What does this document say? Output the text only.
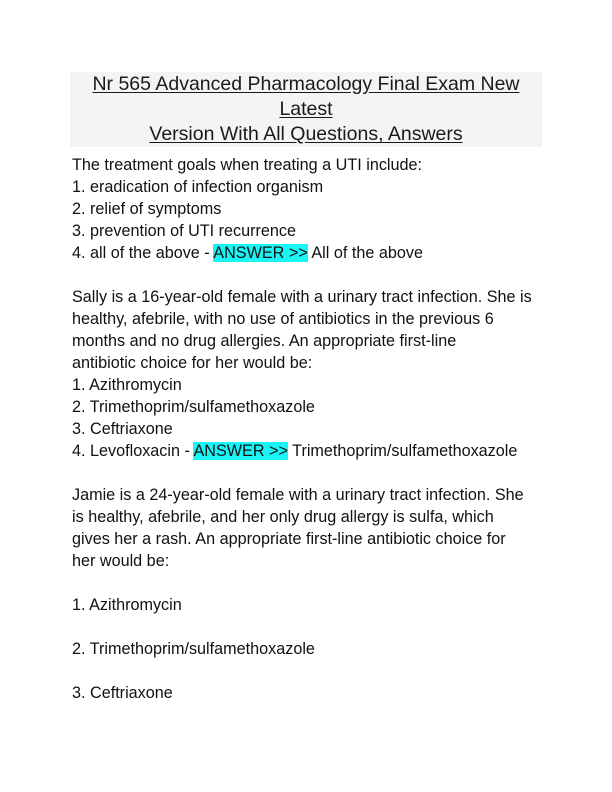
Nr 565 Advanced Pharmacology Final Exam New Latest
Version With All Questions, Answers
The treatment goals when treating a UTI include:
1. eradication of infection organism
2. relief of symptoms
3. prevention of UTI recurrence
4. all of the above - ANSWER >> All of the above
Sally is a 16-year-old female with a urinary tract infection. She is
healthy, afebrile, with no use of antibiotics in the previous 6
months and no drug allergies. An appropriate first-line
antibiotic choice for her would be:
1. Azithromycin
2. Trimethoprim/sulfamethoxazole
3. Ceftriaxone
4. Levofloxacin - ANSWER >> Trimethoprim/sulfamethoxazole
Jamie is a 24-year-old female with a urinary tract infection. She
is healthy, afebrile, and her only drug allergy is sulfa, which
gives her a rash. An appropriate first-line antibiotic choice for
her would be:
1. Azithromycin
2. Trimethoprim/sulfamethoxazole
3. Ceftriaxone
